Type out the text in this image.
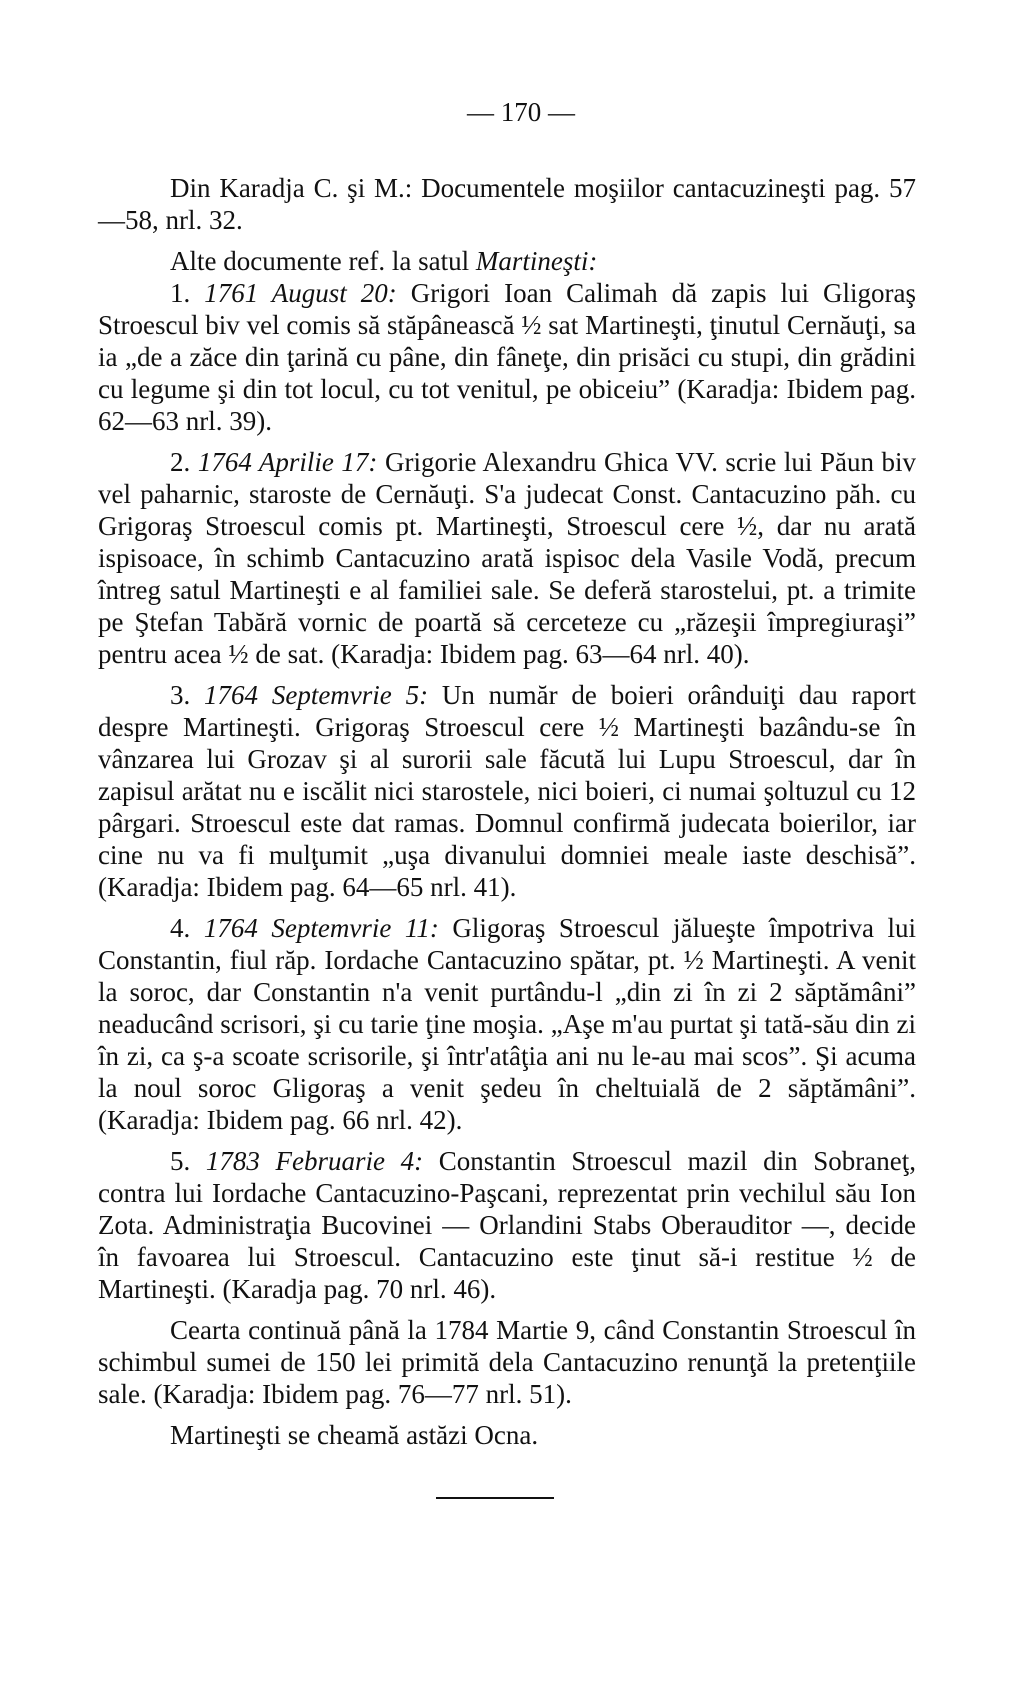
— 170 —

Din Karadja C. şi M.: Documentele moşiilor cantacuzineşti pag. 57—58, nrl. 32.

Alte documente ref. la satul Martineşti:

1. 1761 August 20: Grigori Ioan Calimah dă zapis lui Gligoraş Stroescul biv vel comis să stăpânească ½ sat Martineşti, ţinutul Cernăuţi, sa ia „de a zăce din ţarină cu pâne, din fâneţe, din prisăci cu stupi, din grădini cu legume şi din tot locul, cu tot venitul, pe obiceiu” (Karadja: Ibidem pag. 62—63 nrl. 39).

2. 1764 Aprilie 17: Grigorie Alexandru Ghica VV. scrie lui Păun biv vel paharnic, staroste de Cernăuţi. S'a judecat Const. Cantacuzino păh. cu Grigoraş Stroescul comis pt. Martineşti, Stroescul cere ½, dar nu arată ispisoace, în schimb Cantacuzino arată ispisoc dela Vasile Vodă, precum întreg satul Martineşti e al familiei sale. Se deferă starostelui, pt. a trimite pe Ştefan Tabără vornic de poartă să cerceteze cu „răzeşii împregiuraşi” pentru acea ½ de sat. (Karadja: Ibidem pag. 63—64 nrl. 40).

3. 1764 Septemvrie 5: Un număr de boieri orânduiţi dau raport despre Martineşti. Grigoraş Stroescul cere ½ Martineşti bazându-se în vânzarea lui Grozav şi al surorii sale făcută lui Lupu Stroescul, dar în zapisul arătat nu e iscălit nici starostele, nici boieri, ci numai şoltuzul cu 12 pârgari. Stroescul este dat ramas. Domnul confirmă judecata boierilor, iar cine nu va fi mulţumit „uşa divanului domniei meale iaste deschisă”. (Karadja: Ibidem pag. 64—65 nrl. 41).

4. 1764 Septemvrie 11: Gligoraş Stroescul jălueşte împotriva lui Constantin, fiul răp. Iordache Cantacuzino spătar, pt. ½ Martineşti. A venit la soroc, dar Constantin n'a venit purtându-l „din zi în zi 2 săptămâni” neaducând scrisori, şi cu tarie ţine moşia. „Aşe m'au purtat şi tată-său din zi în zi, ca ş-a scoate scrisorile, şi într'atâţia ani nu le-au mai scos”. Şi acuma la noul soroc Gligoraş a venit şedeu în cheltuială de 2 săptămâni”. (Karadja: Ibidem pag. 66 nrl. 42).

5. 1783 Februarie 4: Constantin Stroescul mazil din Sobraneţ, contra lui Iordache Cantacuzino-Paşcani, reprezentat prin vechilul său Ion Zota. Administraţia Bucovinei — Orlandini Stabs Oberauditor —, decide în favoarea lui Stroescul. Cantacuzino este ţinut să-i restitue ½ de Martineşti. (Karadja pag. 70 nrl. 46).

Cearta continuă până la 1784 Martie 9, când Constantin Stroescul în schimbul sumei de 150 lei primită dela Cantacuzino renunţă la pretenţiile sale. (Karadja: Ibidem pag. 76—77 nrl. 51).

Martineşti se cheamă astăzi Ocna.
